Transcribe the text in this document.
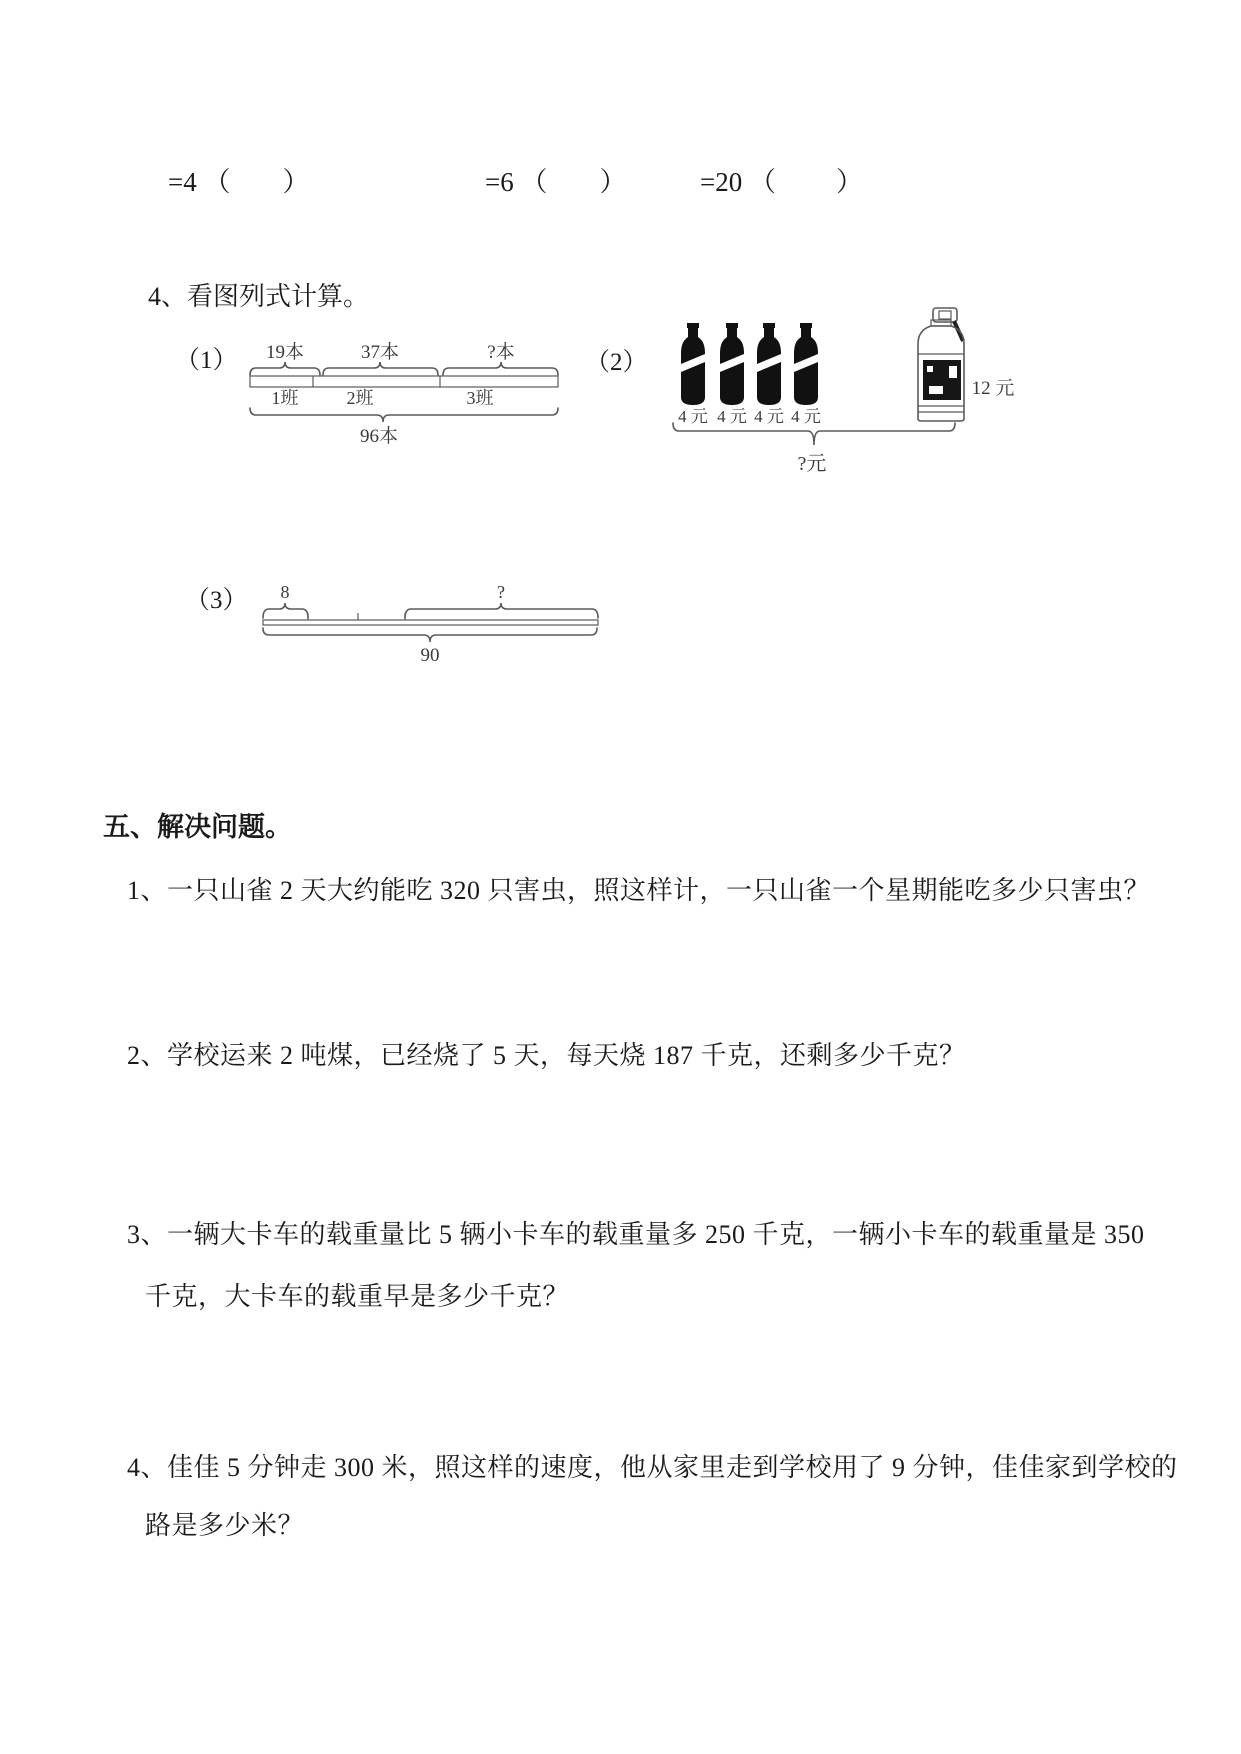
=4
（ ）	=6
（ ）	=20
（ ）
4、看图列式计算。
（1） 19本	37本	?本
1班	2班	3班
96本
（2）
4 元 4 元 4 元 4 元
12 元
?元
（3） 8	?
90
五、解决问题。
1、一只山雀 2 天大约能吃 320 只害虫，照这样计，一只山雀一个星期能吃多少只害虫？
2、学校运来 2 吨煤，已经烧了 5 天，每天烧 187 千克，还剩多少千克？
3、一辆大卡车的载重量比 5 辆小卡车的载重量多 250 千克，一辆小卡车的载重量是 350
千克，大卡车的载重早是多少千克？
4、佳佳 5 分钟走 300 米，照这样的速度，他从家里走到学校用了 9 分钟，佳佳家到学校的
路是多少米？
